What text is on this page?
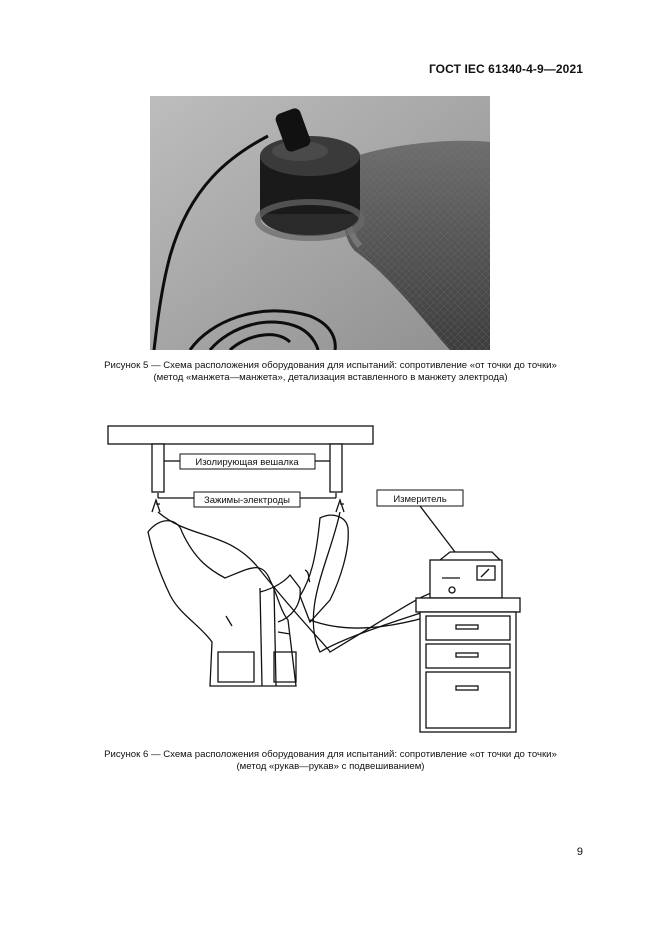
ГОСТ IEC 61340-4-9—2021
Рисунок 5 — Схема расположения оборудования для испытаний: сопротивление «от точки до точки»
(метод «манжета—манжета», детализация вставленного в манжету электрода)
Изолирующая вешалка
Зажимы-электроды	Измеритель
Рисунок 6 — Схема расположения оборудования для испытаний: сопротивление «от точки до точки»
(метод «рукав—рукав» с подвешиванием)
9
